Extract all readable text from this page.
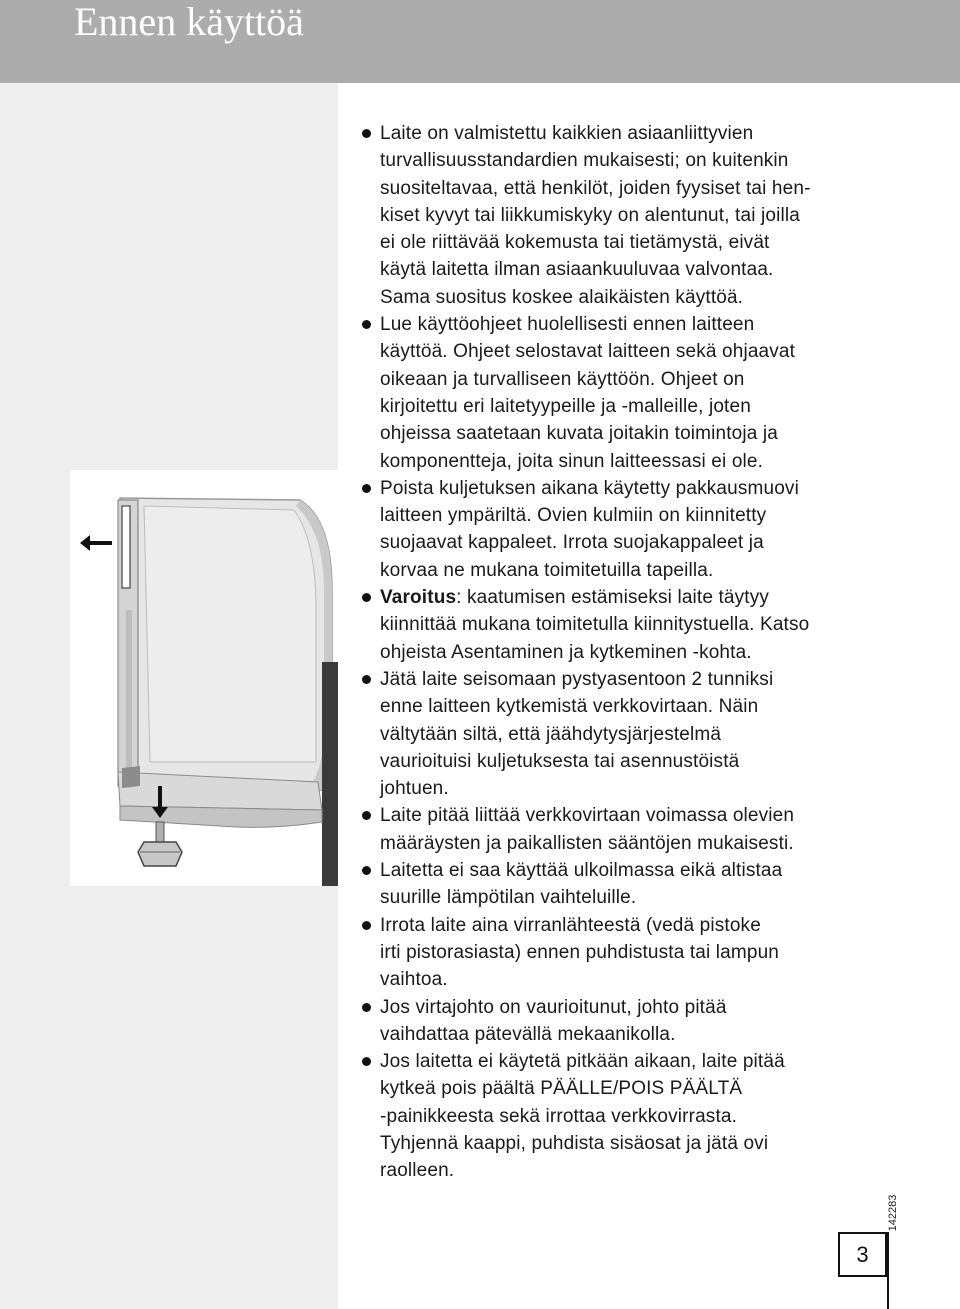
Ennen käyttöä
Laite on valmistettu kaikkien asiaanliittyvien
turvallisuusstandardien mukaisesti; on kuitenkin
suositeltavaa, että henkilöt, joiden fyysiset tai hen-
kiset kyvyt tai liikkumiskyky on alentunut, tai joilla
ei ole riittävää kokemusta tai tietämystä, eivät
käytä laitetta ilman asiaankuuluvaa valvontaa.
Sama suositus koskee alaikäisten käyttöä.
Lue käyttöohjeet huolellisesti ennen laitteen
käyttöä. Ohjeet selostavat laitteen sekä ohjaavat
oikeaan ja turvalliseen käyttöön. Ohjeet on
kirjoitettu eri laitetyypeille ja -malleille, joten
ohjeissa saatetaan kuvata joitakin toimintoja ja
komponentteja, joita sinun laitteessasi ei ole.
Poista kuljetuksen aikana käytetty pakkausmuovi
laitteen ympäriltä. Ovien kulmiin on kiinnitetty
suojaavat kappaleet. Irrota suojakappaleet ja
korvaa ne mukana toimitetuilla tapeilla.
Varoitus: kaatumisen estämiseksi laite täytyy
kiinnittää mukana toimitetulla kiinnitystuella. Katso
ohjeista Asentaminen ja kytkeminen -kohta.
Jätä laite seisomaan pystyasentoon 2 tunniksi
enne laitteen kytkemistä verkkovirtaan. Näin
vältytään siltä, että jäähdytysjärjestelmä
vaurioituisi kuljetuksesta tai asennustöistä
johtuen.
Laite pitää liittää verkkovirtaan voimassa olevien
määräysten ja paikallisten sääntöjen mukaisesti.
Laitetta ei saa käyttää ulkoilmassa eikä altistaa
suurille lämpötilan vaihteluille.
Irrota laite aina virranlähteestä (vedä pistoke
irti pistorasiasta) ennen puhdistusta tai lampun
vaihtoa.
Jos virtajohto on vaurioitunut, johto pitää
vaihdattaa pätevällä mekaanikolla.
Jos laitetta ei käytetä pitkään aikaan, laite pitää
kytkeä pois päältä PÄÄLLE/POIS PÄÄLTÄ
-painikkeesta sekä irrottaa verkkovirrasta.
Tyhjennä kaappi, puhdista sisäosat ja jätä ovi
raolleen.
142283
3
